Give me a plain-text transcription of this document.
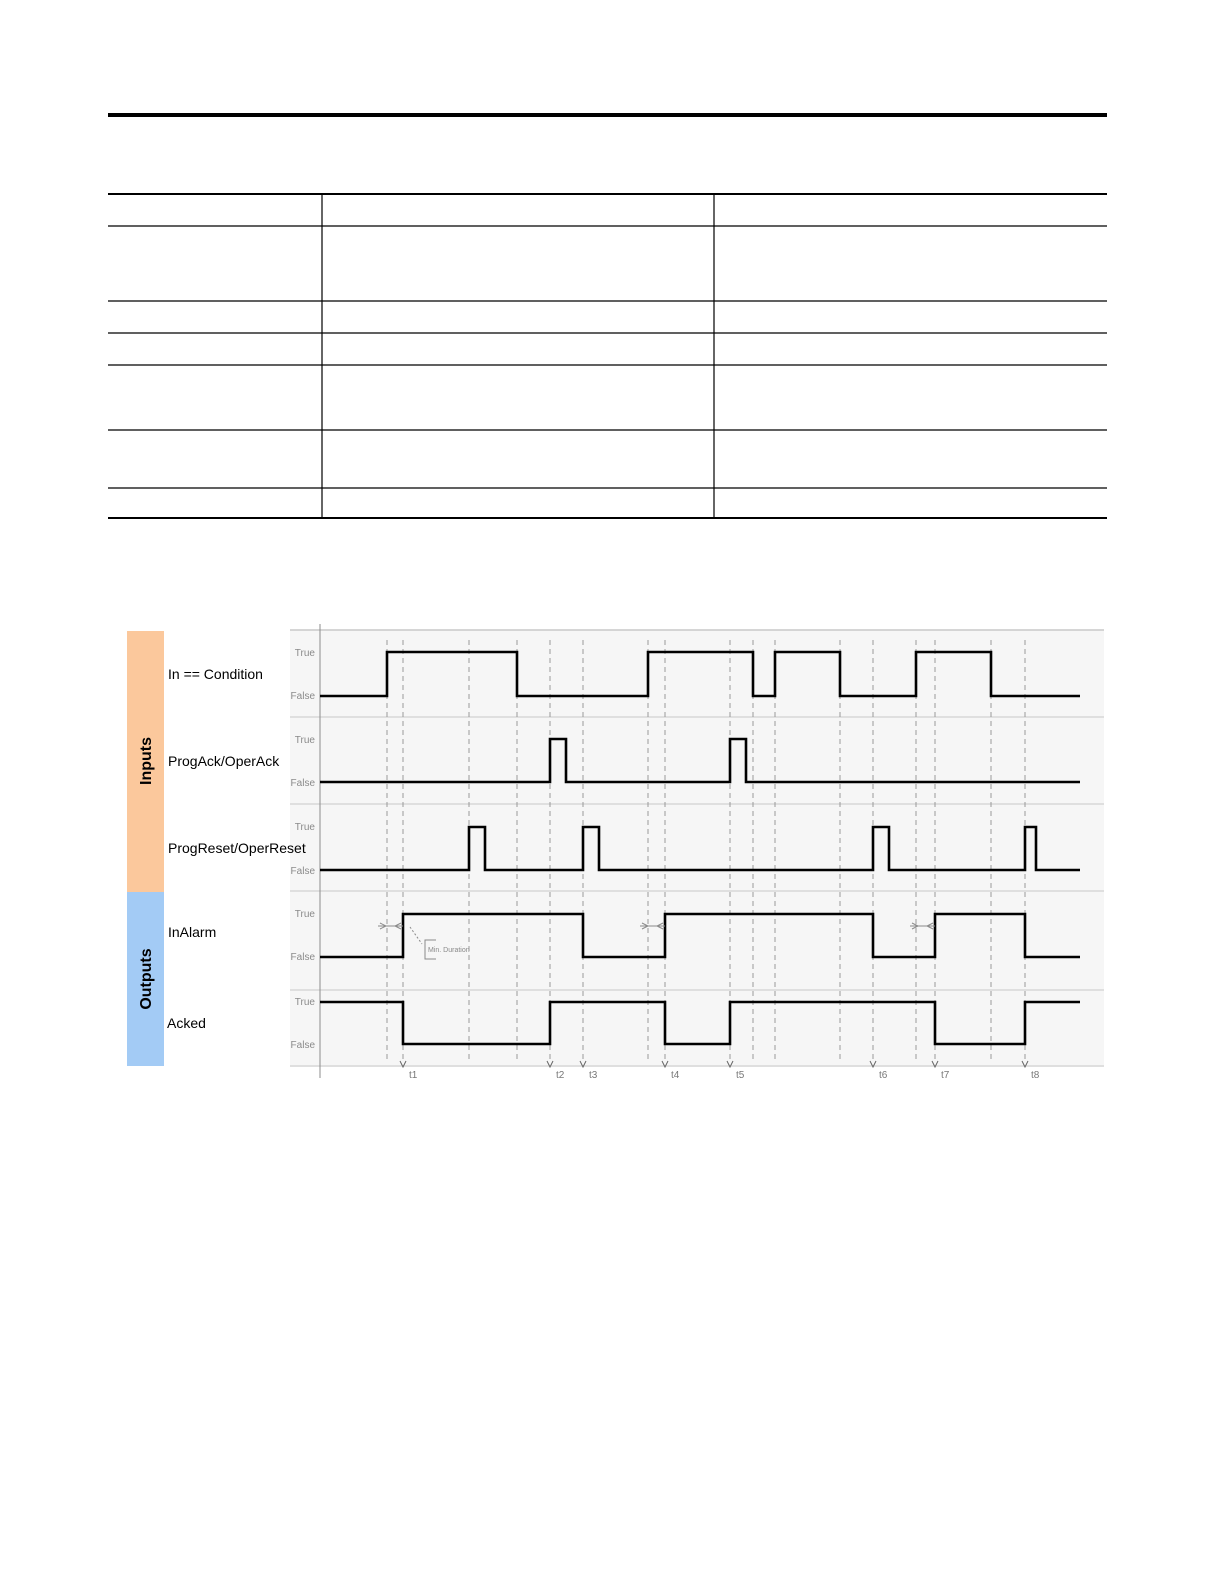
Inputs
Outputs
In == Condition
ProgAck/OperAck
ProgReset/OperReset
InAlarm
Acked
True
False
True
False
True
False
True
False
True
False
Min. Duration
t1	t2 t3	t4	t5	t6	t7	t8
